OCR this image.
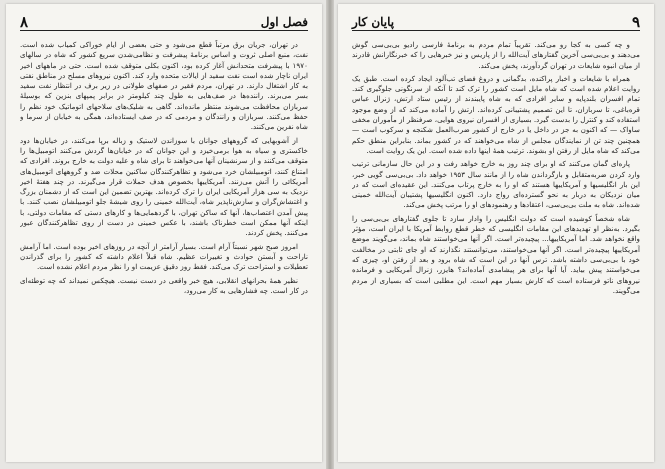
۸	فصل اول

در تهران، جریان برق مرتباً قطع می‌شود و حتی بعضی از ایام خوراکی کمیاب شده است. نفت، منبع اصلی ثروت و اساس برنامهٔ پیشرفت و نظامی‌شدن سریع کشور که شاه در سالهای ۱۹۷۰ با پیشرفت متحدانش آغاز کرده بود، اکنون بکلی متوقف شده است. حتی در ماههای اخیر ایران ناچار شده است نفت سفید از ایالات متحده وارد کند. اکنون نیروهای مسلح در مناطق نفتی به کار اشتغال دارند. در تهران، مردم فقیر در صفهای طولانی در زیر برف در انتظار نفت سفید بسر می‌برند. راننده‌ها در صف‌هایی به طول چند کیلومتر در برابر پمپهای بنزین که بوسیلهٔ سربازان محافظت می‌شوند منتظر مانده‌اند. گاهی به شلیک‌های سلاحهای اتوماتیک خود نظم را حفظ می‌کنند. سربازان و رانندگان و مردمی که در صف ایستاده‌اند، همگی به خیابان از سرما و شاه نفرین می‌کنند.

از آشوبهایی که گروههای جوانان با سوزاندن لاستیک و زباله برپا می‌کنند، در خیابان‌ها دود خاکستری و سیاه به هوا برمی‌خیزد و این جوانان که در خیابان‌ها گردش می‌کنند اتومبیل‌ها را متوقف می‌کنند و از سرنشینان آنها می‌خواهند تا برای شاه و علیه دولت به خارج بروند. افرادی که امتناع کنند، اتومبیلشان خرد می‌شود و تظاهرکنندگان ساکنین محلات ضد و گروههای اتومبیل‌های آمریکائی را آتش می‌زنند. آمریکاییها بخصوص هدف حملات قرار می‌گیرند. در چند هفتهٔ اخیر نزدیک به سی هزار آمریکایی ایران را ترک کرده‌اند. بهترین تضمین این است که از دشمنان بزرگ و اغتشاش‌گران و سازش‌ناپذیر شاه، آیت‌الله خمینی را روی شیشهٔ جلو اتومبیلشان نصب کنند. با پیش آمدن اعتصاب‌ها، آنها که ساکن تهران، با گردهمایی‌ها و کارهای دستی که مقامات دولتی، با اینکه آنها ممکن است خطرناک باشند، با عکس خمینی در دست از روی تظاهرکنندگان عبور می‌کنند. پخش کردند.

امروز صبح شهر نسبتاً آرام است. بسیار آرامتر از آنچه در روزهای اخیر بوده است. اما آرامش ناراحت و آبستن حوادث و تغییرات عظیم. شاه قبلاً اعلام داشته که کشور را برای گذراندن تعطیلات و استراحت ترک می‌کند. فقط روز دقیق عزیمت او را نظر مردم اعلام نشده است.

نظیر همهٔ بحرانهای انقلابی، هیچ خبر واقعی در دست نیست. هیچکس نمیداند که چه توطئه‌ای در کار است. چه فشارهایی به کار می‌رود،

پایان کار	۹

و چه کسی به کجا رو می‌کند. تقریباً تمام مردم به برنامهٔ فارسی رادیو بی‌بی‌سی گوش می‌دهند و بی‌بی‌سی آخرین گفتارهای آیت‌الله را از پاریس و نیز خبرهایی را که خبرنگارانش قادرند از میان انبوه شایعات در تهران گردآورند، پخش می‌کند.

همراه با شایعات و اخبار پراکنده، بدگمانی و دروغ فضای تب‌آلود ایجاد کرده است. طبق یک روایت اعلام شده است که شاه مایل است کشور را ترک کند تا آنکه از سرنگونی جلوگیری کند. تمام افسران بلندپایه و سایر افرادی که به شاه پایبندند از رئیس ستاد ارتش، ژنرال عباس قره‌باغی، تا سربازان، تا این تصمیم پشتیبانی کرده‌اند. ارتش را آماده می‌کند که از وضع موجود استفاده کند و کنترل را بدست گیرد. بسیاری از افسران نیروی هوایی، صرفنظر از مأموران مخفی ساواک — که اکنون به جز در داخل یا در خارج از کشور ضرب‌العمل شکنجه و سرکوب است — همچنین چند تن از نمایندگان مجلس از شاه می‌خواهند که در کشور بماند. بنابراین منطق حکم می‌کند که شاه مایل از رفتن او بشوند. ترتیب همهٔ اینها داده شده است. این یک روایت است.

پاره‌ای گمان می‌کنند که او برای چند روز به خارج خواهد رفت و در این حال سازمانی ترتیب وارد کردن ضربه‌متقابل و بازگرداندن شاه را از مانند سال ۱۹۵۳ خواهد داد. بی‌بی‌سی گویی خبر، این بار انگلیسیها و آمریکاییها هستند که او را به خارج پرتاب می‌کنند. این عقیده‌ای است که در میان نزدیکان به دربار به نحو گسترده‌ای رواج دارد. اکنون انگلیسیها پشتیبان آیت‌الله خمینی شده‌اند. شاه به ملت بی‌بی‌سی، اعتقادها و رهنمودهای او را مرتب پخش می‌کند.

شاه شخصاً کوشیده است که دولت انگلیس را وادار سازد تا جلوی گفتارهای بی‌بی‌سی را بگیرد. به‌نظر او تهدیدهای این مقامات انگلیسی که خطر قطع روابط آمریکا با ایران است، مؤثر واقع نخواهد شد. اما آمریکاییها... پیچیده‌تر است. اگر آنها می‌خواستند شاه بماند، می‌گویند موضع آمریکاییها پیچیده‌تر است. اگر آنها می‌خواستند، می‌توانستند نگذارند که او جای ثابتی در مخالفت خود با بی‌بی‌سی داشته باشد. ترس آنها در این است که شاه برود و بعد از رفتن او، چیزی که می‌خواستند پیش بیاید. آیا آنها برای هر پیشامدی آماده‌اند؟ هایزر، ژنرال آمریکایی و فرمانده نیروهای ناتو فرستاده است که کارش بسیار مهم است. این مطلبی است که بسیاری از مردم می‌گویند.
